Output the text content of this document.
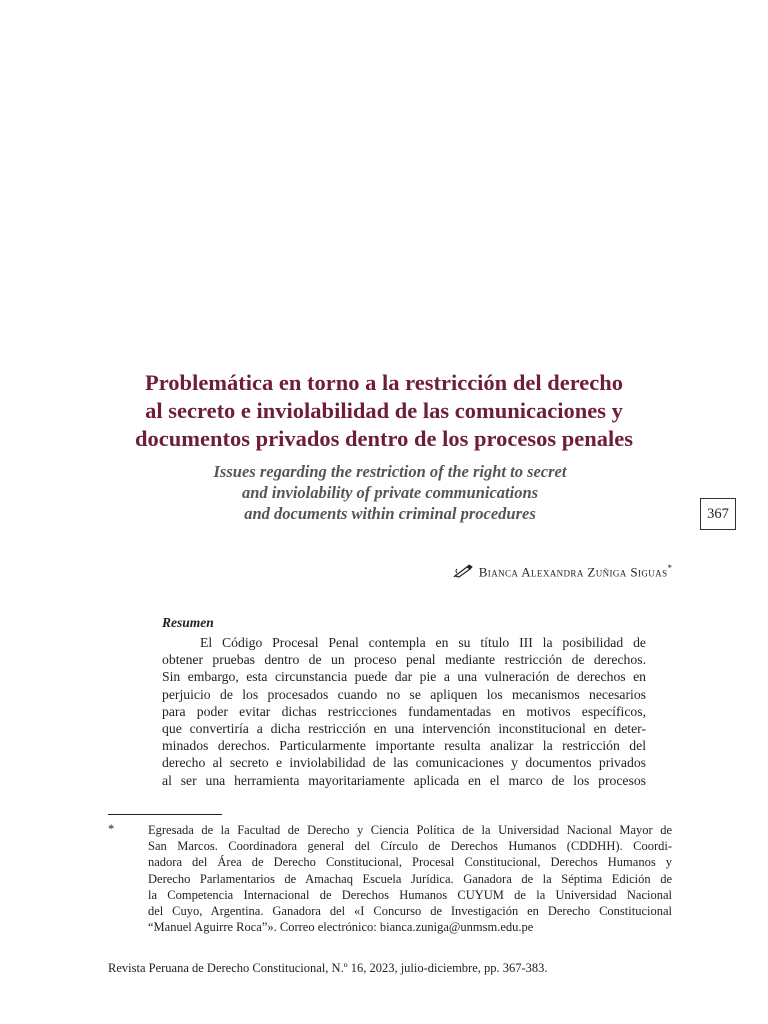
Problemática en torno a la restricción del derecho
al secreto e inviolabilidad de las comunicaciones y
documentos privados dentro de los procesos penales
Issues regarding the restriction of the right to secret
and inviolability of private communications
and documents within criminal procedures	367
Bianca Alexandra Zuñiga Siguas*
Resumen
El Código Procesal Penal contempla en su título III la posibilidad de
obtener pruebas dentro de un proceso penal mediante restricción de derechos.
Sin embargo, esta circunstancia puede dar pie a una vulneración de derechos en
perjuicio de los procesados cuando no se apliquen los mecanismos necesarios
para poder evitar dichas restricciones fundamentadas en motivos específicos,
que convertiría a dicha restricción en una intervención inconstitucional en deter-
minados derechos. Particularmente importante resulta analizar la restricción del
derecho al secreto e inviolabilidad de las comunicaciones y documentos privados
al ser una herramienta mayoritariamente aplicada en el marco de los procesos
*	Egresada de la Facultad de Derecho y Ciencia Política de la Universidad Nacional Mayor de
San Marcos. Coordinadora general del Círculo de Derechos Humanos (CDDHH). Coordi-
nadora del Área de Derecho Constitucional, Procesal Constitucional, Derechos Humanos y
Derecho Parlamentarios de Amachaq Escuela Jurídica. Ganadora de la Séptima Edición de
la Competencia Internacional de Derechos Humanos CUYUM de la Universidad Nacional
del Cuyo, Argentina. Ganadora del «I Concurso de Investigación en Derecho Constitucional
“Manuel Aguirre Roca”». Correo electrónico: bianca.zuniga@unmsm.edu.pe
Revista Peruana de Derecho Constitucional, N.º 16, 2023, julio-diciembre, pp. 367-383.
